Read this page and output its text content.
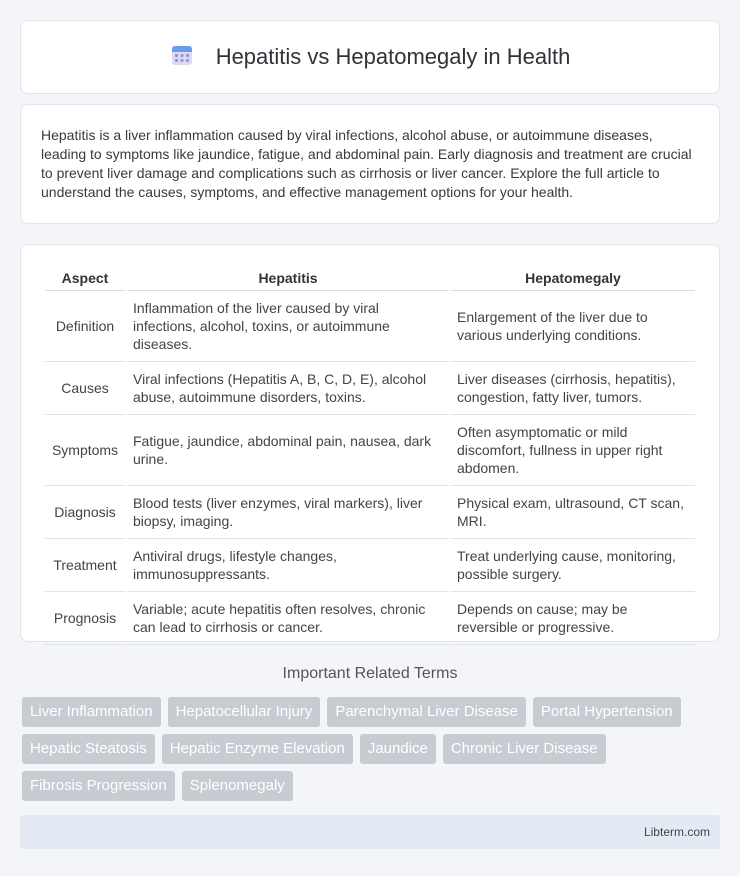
Hepatitis vs Hepatomegaly in Health

Hepatitis is a liver inflammation caused by viral infections, alcohol abuse, or autoimmune diseases, leading to symptoms like jaundice, fatigue, and abdominal pain. Early diagnosis and treatment are crucial to prevent liver damage and complications such as cirrhosis or liver cancer. Explore the full article to understand the causes, symptoms, and effective management options for your health.

Aspect	Hepatitis	Hepatomegaly
Definition	Inflammation of the liver caused by viral infections, alcohol, toxins, or autoimmune diseases.	Enlargement of the liver due to various underlying conditions.
Causes	Viral infections (Hepatitis A, B, C, D, E), alcohol abuse, autoimmune disorders, toxins.	Liver diseases (cirrhosis, hepatitis), congestion, fatty liver, tumors.
Symptoms	Fatigue, jaundice, abdominal pain, nausea, dark urine.	Often asymptomatic or mild discomfort, fullness in upper right abdomen.
Diagnosis	Blood tests (liver enzymes, viral markers), liver biopsy, imaging.	Physical exam, ultrasound, CT scan, MRI.
Treatment	Antiviral drugs, lifestyle changes, immunosuppressants.	Treat underlying cause, monitoring, possible surgery.
Prognosis	Variable; acute hepatitis often resolves, chronic can lead to cirrhosis or cancer.	Depends on cause; may be reversible or progressive.
Important Related Terms
Liver Inflammation	Hepatocellular Injury	Parenchymal Liver Disease	Portal Hypertension
Hepatic Steatosis	Hepatic Enzyme Elevation	Jaundice	Chronic Liver Disease
Fibrosis Progression	Splenomegaly
Libterm.com
